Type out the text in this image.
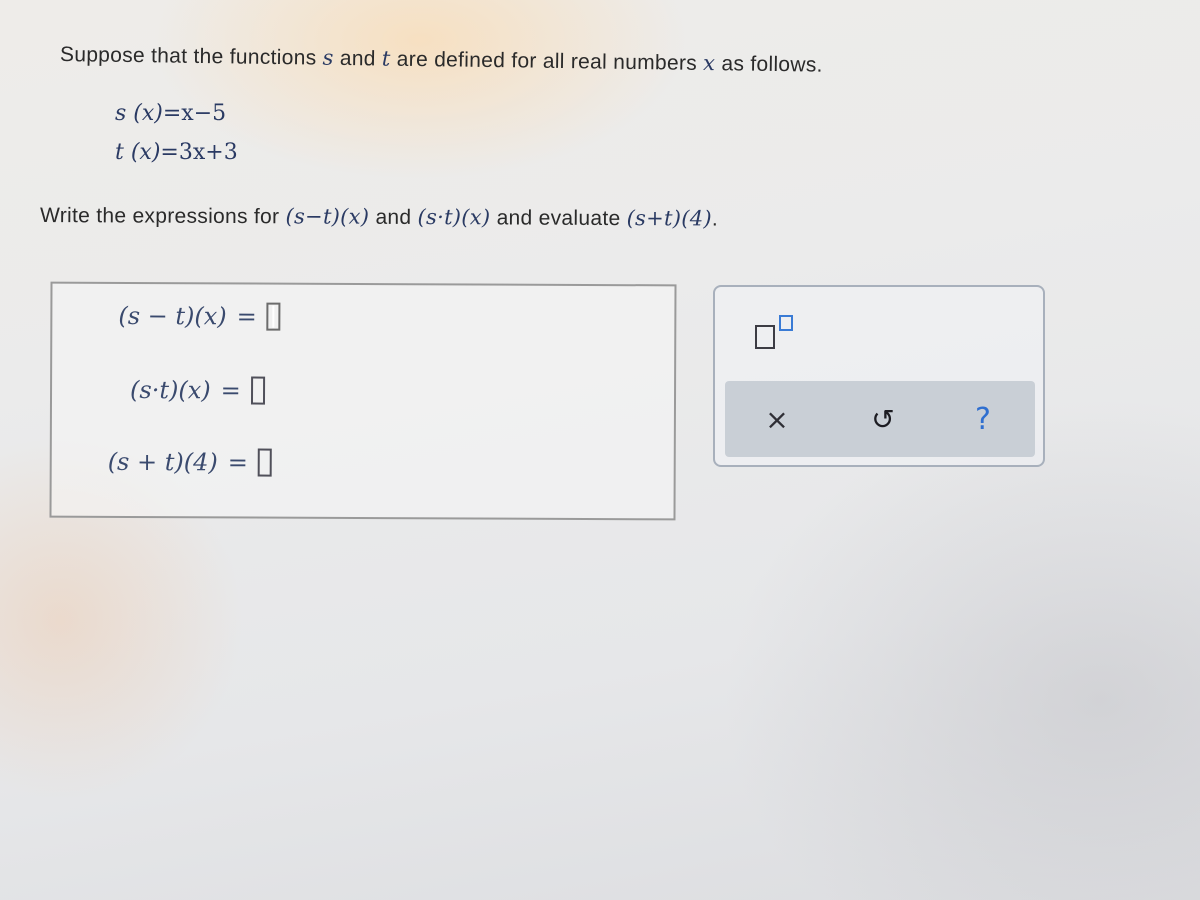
Suppose that the functions s and t are defined for all real numbers x as follows.
s (x)=x−5
t (x)=3x+3
Write the expressions for (s−t)(x) and (s·t)(x) and evaluate (s+t)(4).
(s − t)(x) =
(s·t)(x) =
(s + t)(4) =
×	↺	?
